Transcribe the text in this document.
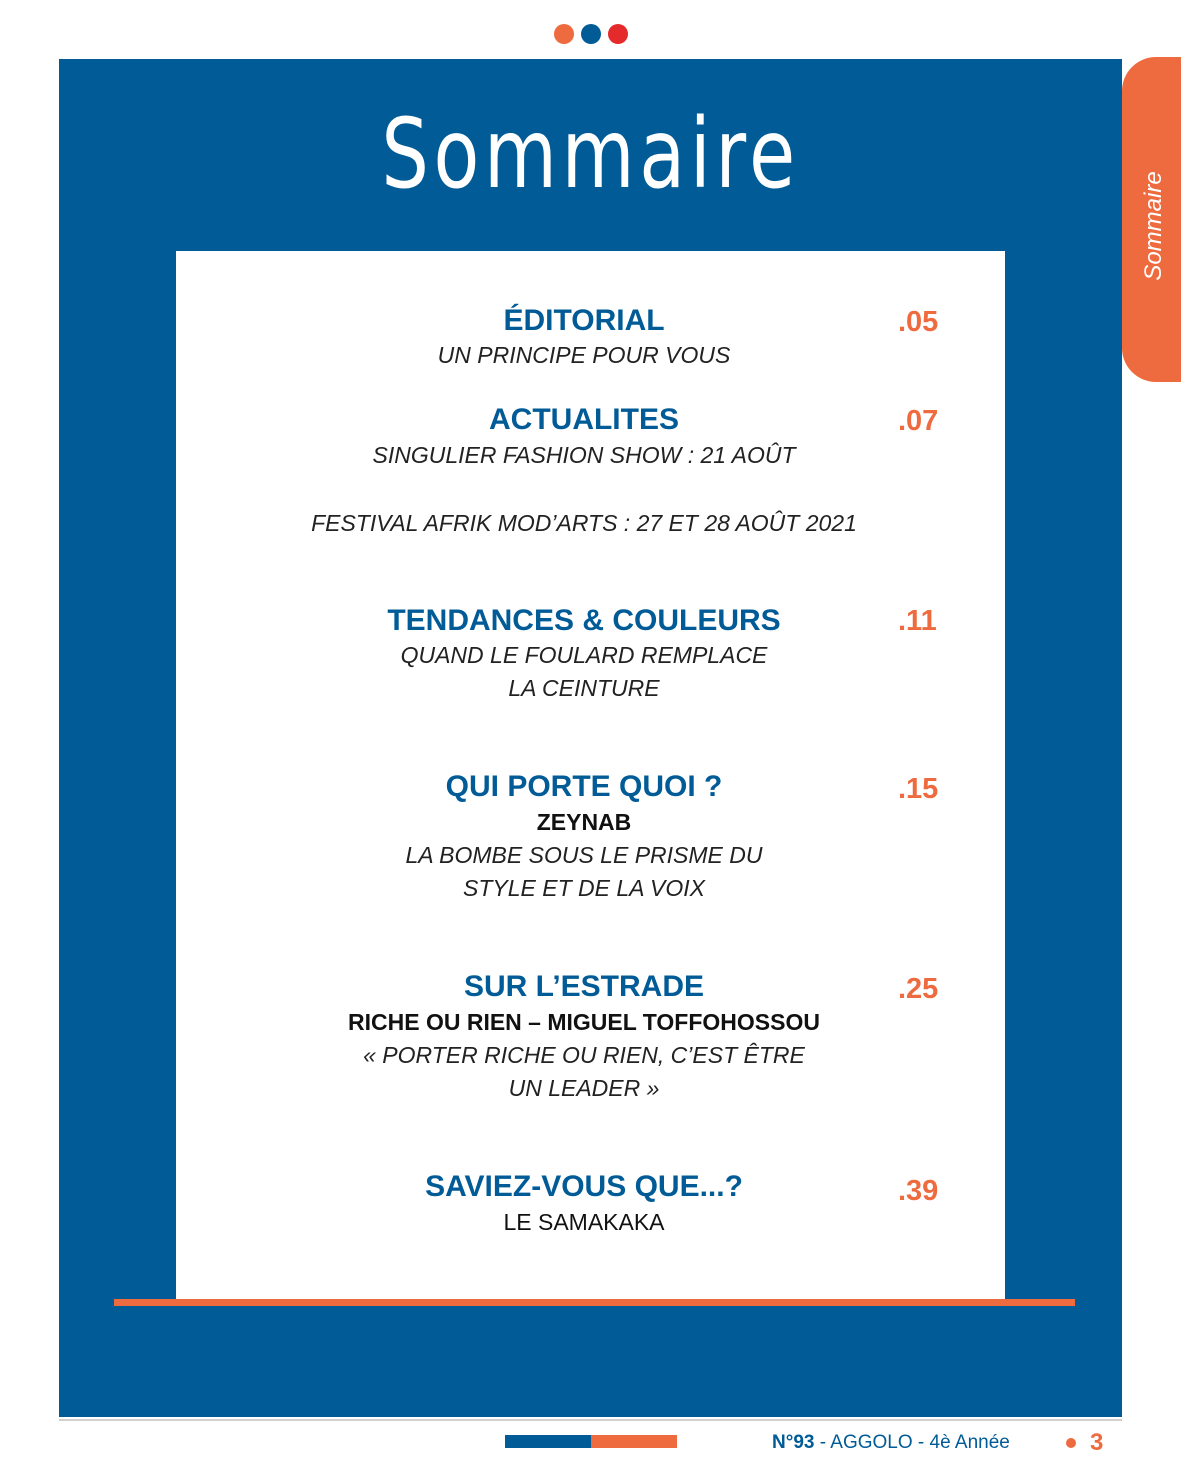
Sommaire
Sommaire
ÉDITORIAL	.05
UN PRINCIPE POUR VOUS
ACTUALITES	.07
SINGULIER FASHION SHOW : 21 AOÛT
FESTIVAL AFRIK MOD’ARTS : 27 ET 28 AOÛT 2021
TENDANCES & COULEURS	.11
QUAND LE FOULARD REMPLACE
LA CEINTURE
QUI PORTE QUOI ?	.15
ZEYNAB
LA BOMBE SOUS LE PRISME DU
STYLE ET DE LA VOIX
SUR L’ESTRADE	.25
RICHE OU RIEN – MIGUEL TOFFOHOSSOU
« PORTER RICHE OU RIEN, C’EST ÊTRE
UN LEADER »
SAVIEZ-VOUS QUE...?	.39
LE SAMAKAKA
N°93 - AGGOLO - 4è Année	3
